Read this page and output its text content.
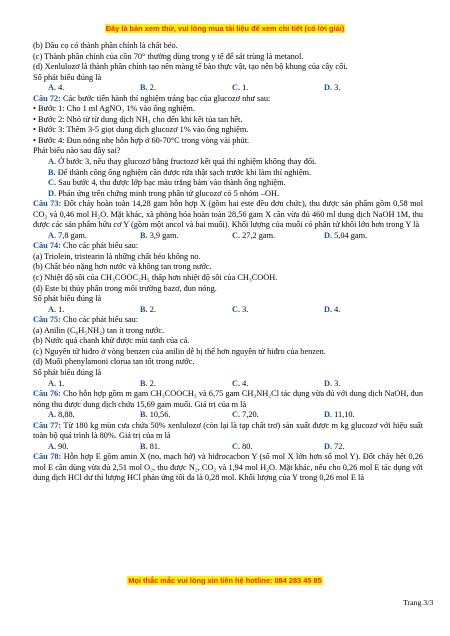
Đây là bản xem thử, vui lòng mua tài liệu để xem chi tiết (có lời giải)
(b) Dầu cọ có thành phần chính là chất béo.
(c) Thành phần chính của cồn 70° thường dùng trong y tế để sát trùng là metanol.
(d) Xenlulozơ là thành phần chính tạo nên màng tế bào thực vật, tạo nên bộ khung của cây cối.
Số phát biểu đúng là
A. 4.	B. 2.	C. 1.	D. 3.
Câu 72: Các bước tiến hành thí nghiệm tráng bạc của glucozơ như sau:
• Bước 1: Cho 1 ml AgNO₃ 1% vào ống nghiệm.
• Bước 2: Nhỏ từ từ dung dịch NH₃ cho đến khi kết tủa tan hết.
• Bước 3: Thêm 3-5 giọt dung dịch glucozơ 1% vào ống nghiệm.
• Bước 4: Đun nóng nhẹ hỗn hợp ở 60-70°C trong vòng vài phút.
Phát biểu nào sau đây sai?
A. Ở bước 3, nếu thay glucozơ bằng fructozơ kết quả thí nghiệm không thay đổi.
B. Để thành công ống nghiệm cần được rửa thật sạch trước khi làm thí nghiệm.
C. Sau bước 4, thu được lớp bạc màu trắng bám vào thành ống nghiệm.
D. Phản ứng trên chứng minh trong phân tử glucozơ có 5 nhóm –OH.
Câu 73: Đốt cháy hoàn toàn 14,28 gam hỗn hợp X (gồm hai este đều đơn chức), thu được sản phẩm gồm 0,58 mol CO₂ và 0,46 mol H₂O. Mặt khác, xà phòng hóa hoàn toàn 28,56 gam X cần vừa đủ 460 ml dung dịch NaOH 1M, thu được các sản phẩm hữu cơ Y (gồm một ancol và hai muối). Khối lượng của muối có phân tử khối lớn hơn trong Y là
A. 7,8 gam.	B. 3,9 gam.	C. 27,2 gam.	D. 5,04 gam.
Câu 74: Cho các phát biểu sau:
(a) Triolein, tristearin là những chất béo không no.
(b) Chất béo nặng hơn nước và không tan trong nước.
(c) Nhiệt độ sôi của CH₃COOC₂H₅ thấp hơn nhiệt độ sôi của CH₃COOH.
(d) Este bị thủy phân trong môi trường bazơ, đun nóng.
Số phát biểu đúng là
A. 1.	B. 2.	C. 3.	D. 4.
Câu 75: Cho các phát biểu sau:
(a) Anilin (C₆H₅NH₂) tan ít trong nước.
(b) Nước quả chanh khử được mùi tanh của cá.
(c) Nguyên tử hiđro ở vòng benzen của anilin dễ bị thế hơn nguyên tử hiđro của benzen.
(d) Muối phenylamoni clorua tan tốt trong nước.
Số phát biểu đúng là
A. 1.	B. 2.	C. 4.	D. 3.
Câu 76: Cho hỗn hợp gồm m gam CH₃COOCH₃ và 6,75 gam CH₃NH₂Cl tác dụng vừa đủ với dung dịch NaOH, đun nóng thu được dung dịch chứa 15,69 gam muối. Giá trị của m là
A. 8,88.	B. 10,56.	C. 7,20.	D. 11,10.
Câu 77: Từ 180 kg mùn cưa chứa 50% xenlulozơ (còn lại là tạp chất trơ) sản xuất được m kg glucozơ với hiệu suất toàn bộ quá trình là 80%. Giá trị của m là
A. 90.	B. 81.	C. 80.	D. 72.
Câu 78: Hỗn hợp E gồm amin X (no, mạch hở) và hiđrocacbon Y (số mol X lớn hơn số mol Y). Đốt cháy hết 0,26 mol E cần dùng vừa đủ 2,51 mol O₂, thu được N₂, CO₂ và 1,94 mol H₂O. Mặt khác, nếu cho 0,26 mol E tác dụng với dung dịch HCl dư thì lượng HCl phản ứng tối đa là 0,28 mol. Khối lượng của Y trong 0,26 mol E là
Mọi thắc mắc vui lòng xin liên hệ hotline: 084 283 45 85
Trang 3/3
